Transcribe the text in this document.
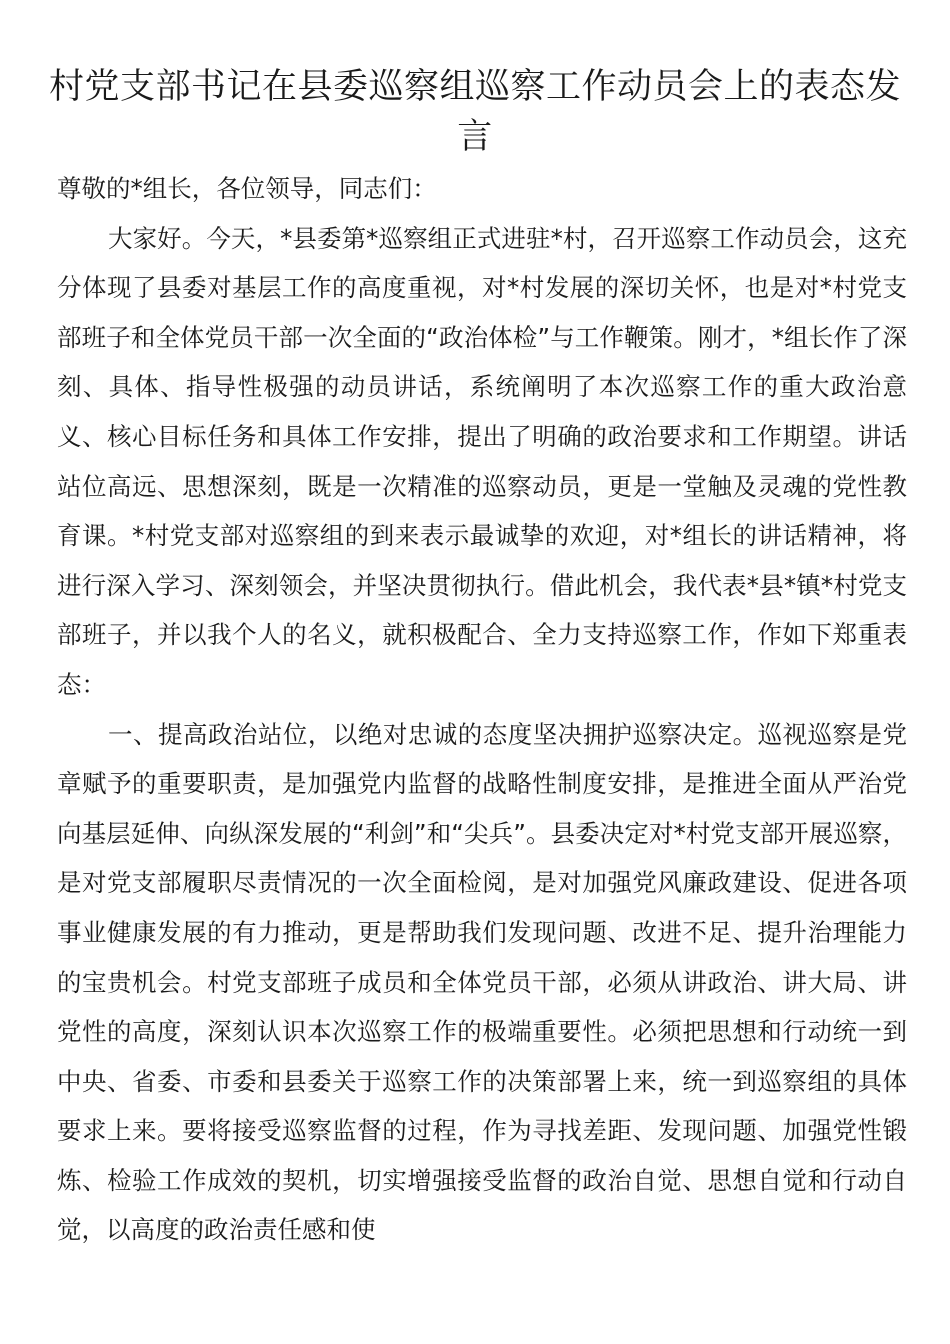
村党支部书记在县委巡察组巡察工作动员会上的表态发言

尊敬的*组长，各位领导，同志们：

大家好。今天，*县委第*巡察组正式进驻*村，召开巡察工作动员会，这充分体现了县委对基层工作的高度重视，对*村发展的深切关怀，也是对*村党支部班子和全体党员干部一次全面的“政治体检”与工作鞭策。刚才，*组长作了深刻、具体、指导性极强的动员讲话，系统阐明了本次巡察工作的重大政治意义、核心目标任务和具体工作安排，提出了明确的政治要求和工作期望。讲话站位高远、思想深刻，既是一次精准的巡察动员，更是一堂触及灵魂的党性教育课。*村党支部对巡察组的到来表示最诚挚的欢迎，对*组长的讲话精神，将进行深入学习、深刻领会，并坚决贯彻执行。借此机会，我代表*县*镇*村党支部班子，并以我个人的名义，就积极配合、全力支持巡察工作，作如下郑重表态：

一、提高政治站位，以绝对忠诚的态度坚决拥护巡察决定。巡视巡察是党章赋予的重要职责，是加强党内监督的战略性制度安排，是推进全面从严治党向基层延伸、向纵深发展的“利剑”和“尖兵”。县委决定对*村党支部开展巡察，是对党支部履职尽责情况的一次全面检阅，是对加强党风廉政建设、促进各项事业健康发展的有力推动，更是帮助我们发现问题、改进不足、提升治理能力的宝贵机会。村党支部班子成员和全体党员干部，必须从讲政治、讲大局、讲党性的高度，深刻认识本次巡察工作的极端重要性。必须把思想和行动统一到中央、省委、市委和县委关于巡察工作的决策部署上来，统一到巡察组的具体要求上来。要将接受巡察监督的过程，作为寻找差距、发现问题、加强党性锻炼、检验工作成效的契机，切实增强接受监督的政治自觉、思想自觉和行动自觉，以高度的政治责任感和使
